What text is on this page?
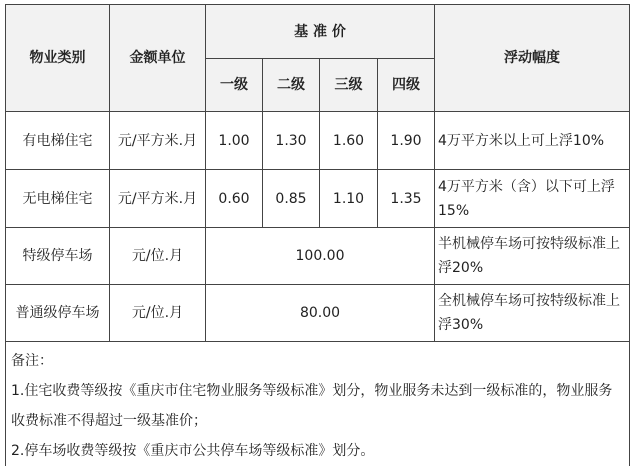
物业类别	金额单位	基 准 价				浮动幅度
		一级	二级	三级	四级	
有电梯住宅	元/平方米.月	1.00	1.30	1.60	1.90	4万平方米以上可上浮10%
无电梯住宅	元/平方米.月	0.60	0.85	1.10	1.35	4万平方米（含）以下可上浮15%
特级停车场	元/位.月	100.00				半机械停车场可按特级标准上浮20%
普通级停车场	元/位.月	80.00				全机械停车场可按特级标准上浮30%

备注：

1.住宅收费等级按《重庆市住宅物业服务等级标准》划分，物业服务未达到一级标准的，物业服务收费标准不得超过一级基准价；

2.停车场收费等级按《重庆市公共停车场等级标准》划分。						
